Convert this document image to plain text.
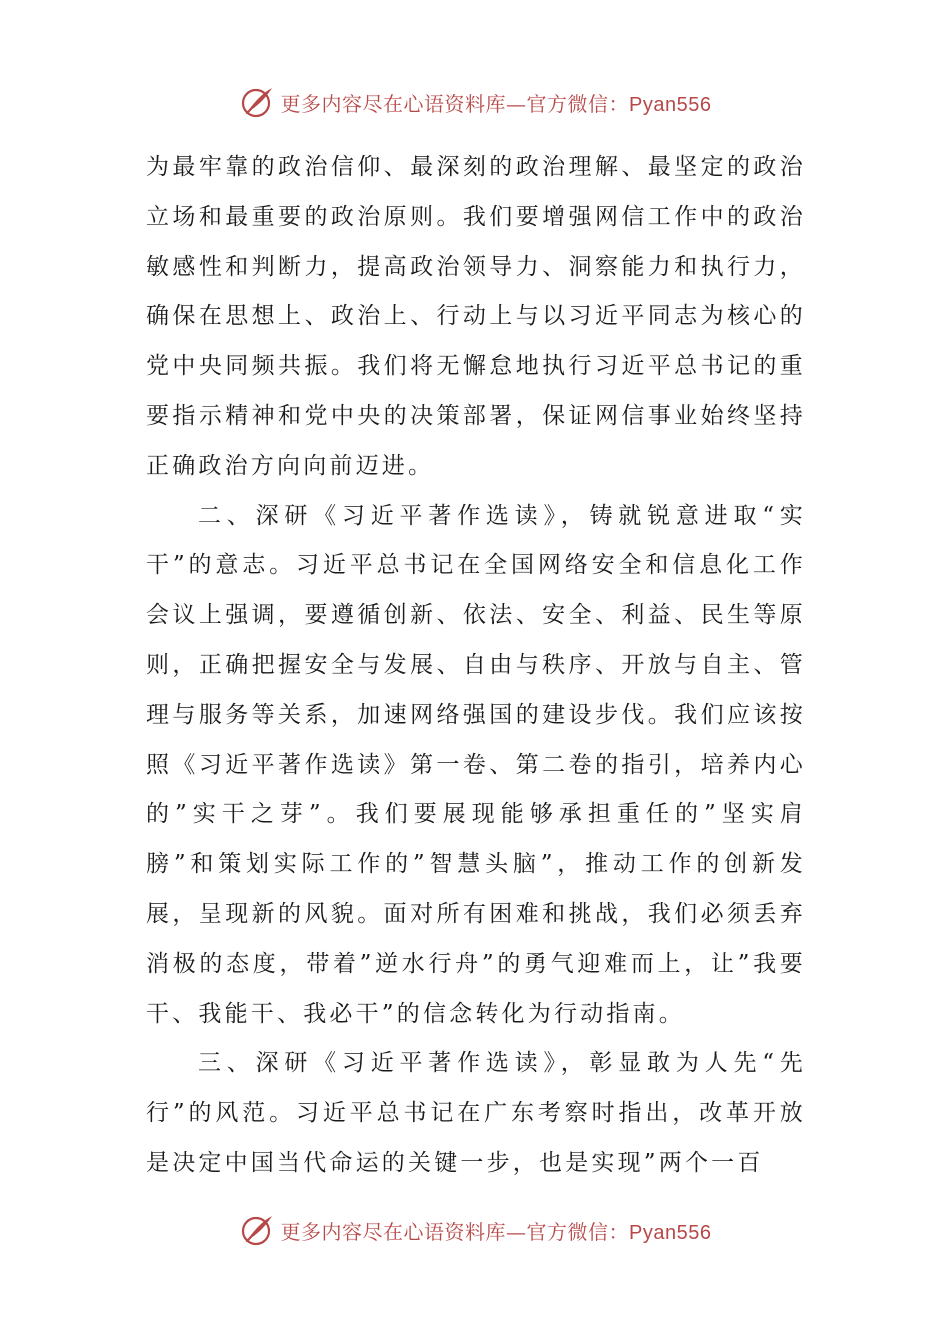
更多内容尽在心语资料库—官方微信：Pyan556

为最牢靠的政治信仰、最深刻的政治理解、最坚定的政治立场和最重要的政治原则。我们要增强网信工作中的政治敏感性和判断力，提高政治领导力、洞察能力和执行力，确保在思想上、政治上、行动上与以习近平同志为核心的党中央同频共振。我们将无懈怠地执行习近平总书记的重要指示精神和党中央的决策部署，保证网信事业始终坚持正确政治方向向前迈进。

二、深研《习近平著作选读》，铸就锐意进取“实干”的意志。习近平总书记在全国网络安全和信息化工作会议上强调，要遵循创新、依法、安全、利益、民生等原则，正确把握安全与发展、自由与秩序、开放与自主、管理与服务等关系，加速网络强国的建设步伐。我们应该按照《习近平著作选读》第一卷、第二卷的指引，培养内心的”实干之芽”。我们要展现能够承担重任的”坚实肩膀”和策划实际工作的”智慧头脑”，推动工作的创新发展，呈现新的风貌。面对所有困难和挑战，我们必须丢弃消极的态度，带着”逆水行舟”的勇气迎难而上，让”我要干、我能干、我必干”的信念转化为行动指南。

三、深研《习近平著作选读》，彰显敢为人先“先行”的风范。习近平总书记在广东考察时指出，改革开放是决定中国当代命运的关键一步，也是实现”两个一百

更多内容尽在心语资料库—官方微信：Pyan556
